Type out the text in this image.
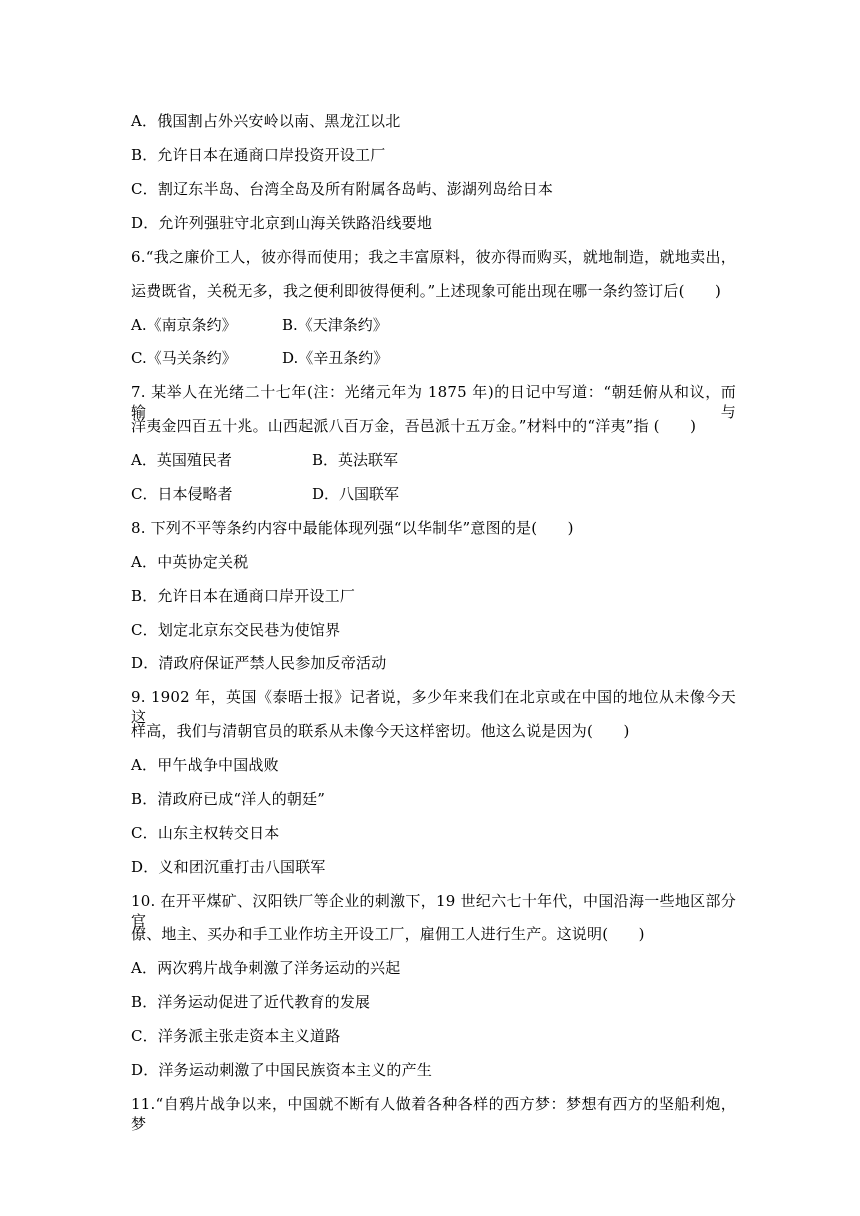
A．俄国割占外兴安岭以南、黑龙江以北
B．允许日本在通商口岸投资开设工厂
C．割辽东半岛、台湾全岛及所有附属各岛屿、澎湖列岛给日本
D．允许列强驻守北京到山海关铁路沿线要地
6.“我之廉价工人，彼亦得而使用；我之丰富原料，彼亦得而购买，就地制造，就地卖出，
运费既省，关税无多，我之便利即彼得便利。”上述现象可能出现在哪一条约签订后(　　)
A.《南京条约》	B.《天津条约》
C.《马关条约》	D.《辛丑条约》
7. 某举人在光绪二十七年(注：光绪元年为 1875 年)的日记中写道：“朝廷俯从和议，而输与
洋夷金四百五十兆。山西起派八百万金，吾邑派十五万金。”材料中的“洋夷”指 (　　)
A．英国殖民者	B．英法联军
C．日本侵略者	D．八国联军
8. 下列不平等条约内容中最能体现列强“以华制华”意图的是(　　)
A．中英协定关税
B．允许日本在通商口岸开设工厂
C．划定北京东交民巷为使馆界
D．清政府保证严禁人民参加反帝活动
9. 1902 年，英国《泰晤士报》记者说，多少年来我们在北京或在中国的地位从未像今天这
样高，我们与清朝官员的联系从未像今天这样密切。他这么说是因为(　　)
A．甲午战争中国战败
B．清政府已成“洋人的朝廷”
C．山东主权转交日本
D．义和团沉重打击八国联军
10. 在开平煤矿、汉阳铁厂等企业的刺激下，19 世纪六七十年代，中国沿海一些地区部分官
僚、地主、买办和手工业作坊主开设工厂，雇佣工人进行生产。这说明(　　)
A．两次鸦片战争刺激了洋务运动的兴起
B．洋务运动促进了近代教育的发展
C．洋务派主张走资本主义道路
D．洋务运动刺激了中国民族资本主义的产生
11.“自鸦片战争以来，中国就不断有人做着各种各样的西方梦：梦想有西方的坚船利炮，梦
